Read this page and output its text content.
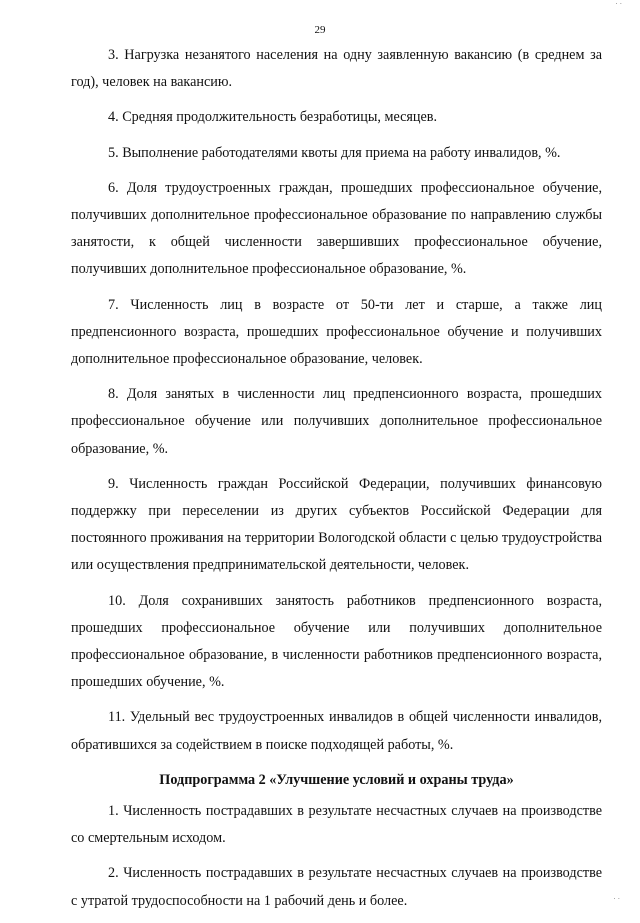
· ·
29

3. Нагрузка незанятого населения на одну заявленную вакансию (в среднем за год), человек на вакансию.

4. Средняя продолжительность безработицы, месяцев.

5. Выполнение работодателями квоты для приема на работу инвалидов, %.

6. Доля трудоустроенных граждан, прошедших профессиональное обучение, получивших дополнительное профессиональное образование по направлению службы занятости, к общей численности завершивших профессиональное обучение, получивших дополнительное профессиональное образование, %.

7. Численность лиц в возрасте от 50-ти лет и старше, а также лиц предпенсионного возраста, прошедших профессиональное обучение и получивших дополнительное профессиональное образование, человек.

8. Доля занятых в численности лиц предпенсионного возраста, прошедших профессиональное обучение или получивших дополнительное профессиональное образование, %.

9. Численность граждан Российской Федерации, получивших финансовую поддержку при переселении из других субъектов Российской Федерации для постоянного проживания на территории Вологодской области с целью трудоустройства или осуществления предпринимательской деятельности, человек.

10. Доля сохранивших занятость работников предпенсионного возраста, прошедших профессиональное обучение или получивших дополнительное профессиональное образование, в численности работников предпенсионного возраста, прошедших обучение, %.

11. Удельный вес трудоустроенных инвалидов в общей численности инвалидов, обратившихся за содействием в поиске подходящей работы, %.

Подпрограмма 2 «Улучшение условий и охраны труда»

1. Численность пострадавших в результате несчастных случаев на производстве со смертельным исходом.

2. Численность пострадавших в результате несчастных случаев на производстве с утратой трудоспособности на 1 рабочий день и более.	· ·
